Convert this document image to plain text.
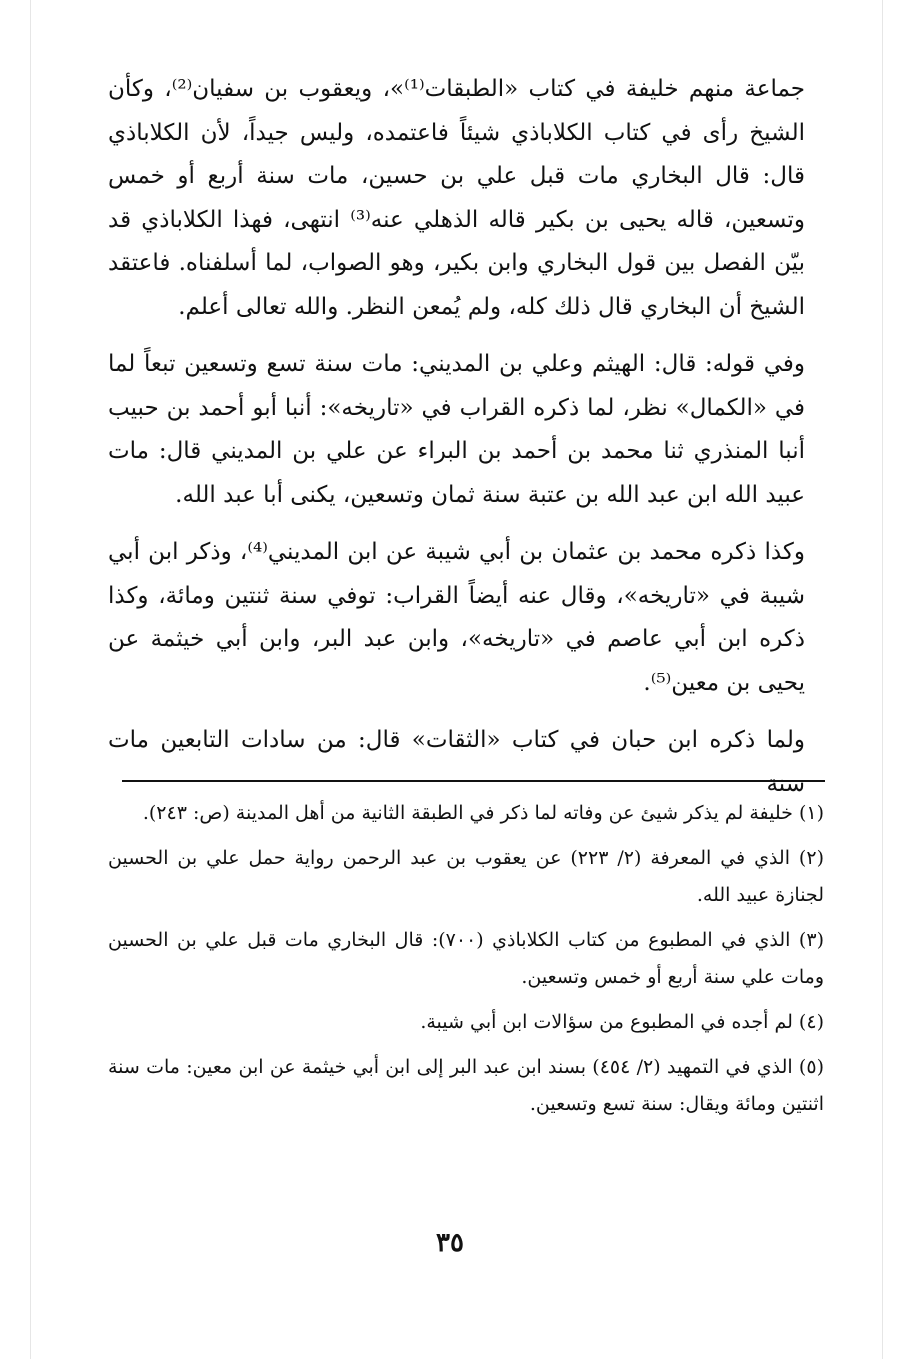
جماعة منهم خليفة في كتاب «الطبقات⁽¹⁾»، ويعقوب بن سفيان⁽²⁾، وكأن الشيخ رأى في كتاب الكلاباذي شيئاً فاعتمده، وليس جيداً، لأن الكلاباذي قال: قال البخاري مات قبل علي بن حسين، مات سنة أربع أو خمس وتسعين، قاله يحيى بن بكير قاله الذهلي عنه⁽³⁾ انتهى، فهذا الكلاباذي قد بيّن الفصل بين قول البخاري وابن بكير، وهو الصواب، لما أسلفناه. فاعتقد الشيخ أن البخاري قال ذلك كله، ولم يُمعن النظر. والله تعالى أعلم.

وفي قوله: قال: الهيثم وعلي بن المديني: مات سنة تسع وتسعين تبعاً لما في «الكمال» نظر، لما ذكره القراب في «تاريخه»: أنبا أبو أحمد بن حبيب أنبا المنذري ثنا محمد بن أحمد بن البراء عن علي بن المديني قال: مات عبيد الله ابن عبد الله بن عتبة سنة ثمان وتسعين، يكنى أبا عبد الله.

وكذا ذكره محمد بن عثمان بن أبي شيبة عن ابن المديني⁽⁴⁾، وذكر ابن أبي شيبة في «تاريخه»، وقال عنه أيضاً القراب: توفي سنة ثنتين ومائة، وكذا ذكره ابن أبي عاصم في «تاريخه»، وابن عبد البر، وابن أبي خيثمة عن يحيى بن معين⁽⁵⁾.

ولما ذكره ابن حبان في كتاب «الثقات» قال: من سادات التابعين مات سنة

(١) خليفة لم يذكر شيئ عن وفاته لما ذكر في الطبقة الثانية من أهل المدينة (ص: ٢٤٣).

(٢) الذي في المعرفة (٢/ ٢٢٣) عن يعقوب بن عبد الرحمن رواية حمل علي بن الحسين لجنازة عبيد الله.

(٣) الذي في المطبوع من كتاب الكلاباذي (٧٠٠): قال البخاري مات قبل علي بن الحسين ومات علي سنة أربع أو خمس وتسعين.

(٤) لم أجده في المطبوع من سؤالات ابن أبي شيبة.

(٥) الذي في التمهيد (٢/ ٤٥٤) بسند ابن عبد البر إلى ابن أبي خيثمة عن ابن معين: مات سنة اثنتين ومائة ويقال: سنة تسع وتسعين.

٣٥
